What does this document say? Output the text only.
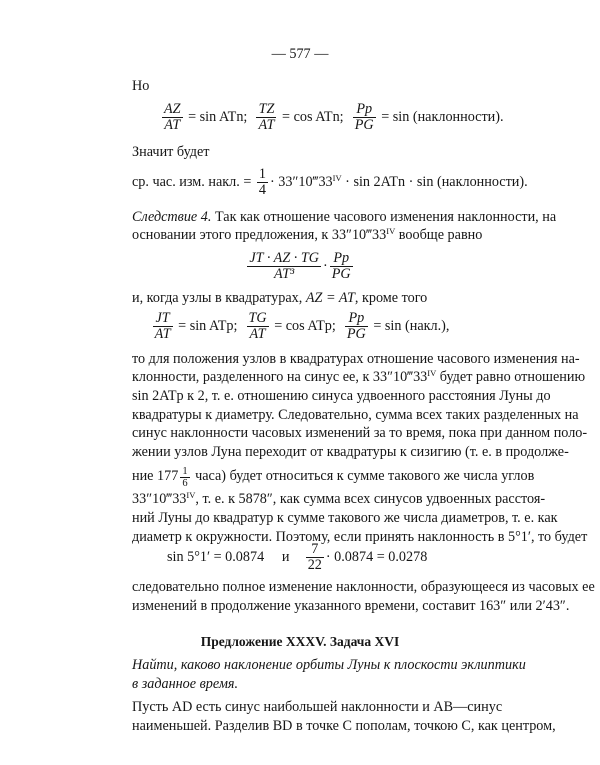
— 577 —
Но
$\frac{AZ}{AT} = \sin$ ATn; $\frac{TZ}{AT} = \cos$ ATn; $\frac{Pp}{PG} = \sin$ (наклонности).
Значит будет
ср. час. изм. накл. = $\frac{1}{4}$ · $33''10‴33^{IV} \cdot \sin 2ATn \cdot \sin$ (наклонности).
Следствие 4. Так как отношение часового изменения наклонности, на
основании этого предложения, к $33''10‴33^{IV}$ вообще равно
$\frac{JT \cdot AZ \cdot TG}{\text{AT³}} \cdot \frac{Pp}{PG}$
и, когда узлы в квадратурах, AZ = AT, кроме того
$\frac{JT}{AT} = \sin$ ATp; $\frac{TG}{AT} = \cos$ ATp; $\frac{Pp}{PG} = \sin$ (накл.),
то для положения узлов в квадратурах отношение часового изменения на-
клонности, разделенного на синус ее, к $33''10‴33^{IV}$ будет равно отношению
sin 2ATp к 2, т. е. отношению синуса удвоенного расстояния Луны до
квадратуры к диаметру. Следовательно, сумма всех таких разделенных на
синус наклонности часовых изменений за то время, пока при данном поло-
жении узлов Луна переходит от квадратуры к сизигию (т. е. в продолже-
ние $177 \frac{1}{6}$ часа) будет относиться к сумме такового же числа углов
$33''10‴33^{IV}$, т. е. к 5878″, как сумма всех синусов удвоенных расстоя-
ний Луны до квадратур к сумме такового же числа диаметров, т. е. как
диаметр к окружности. Поэтому, если принять наклонность в 5°1′, то будет
sin 5°1′ = 0.0874 и $\frac{7}{22} \cdot 0.0874 = 0.0278$
следовательно полное изменение наклонности, образующееся из часовых ее
изменений в продолжение указанного времени, составит 163″ или 2′43″.
Предложение XXXV. Задача XVI
Найти, каково наклонение орбиты Луны к плоскости эклиптики
в заданное время.
Пусть AD есть синус наибольшей наклонности и AB—синус
наименьшей. Разделив BD в точке C пополам, точкою C, как центром,
